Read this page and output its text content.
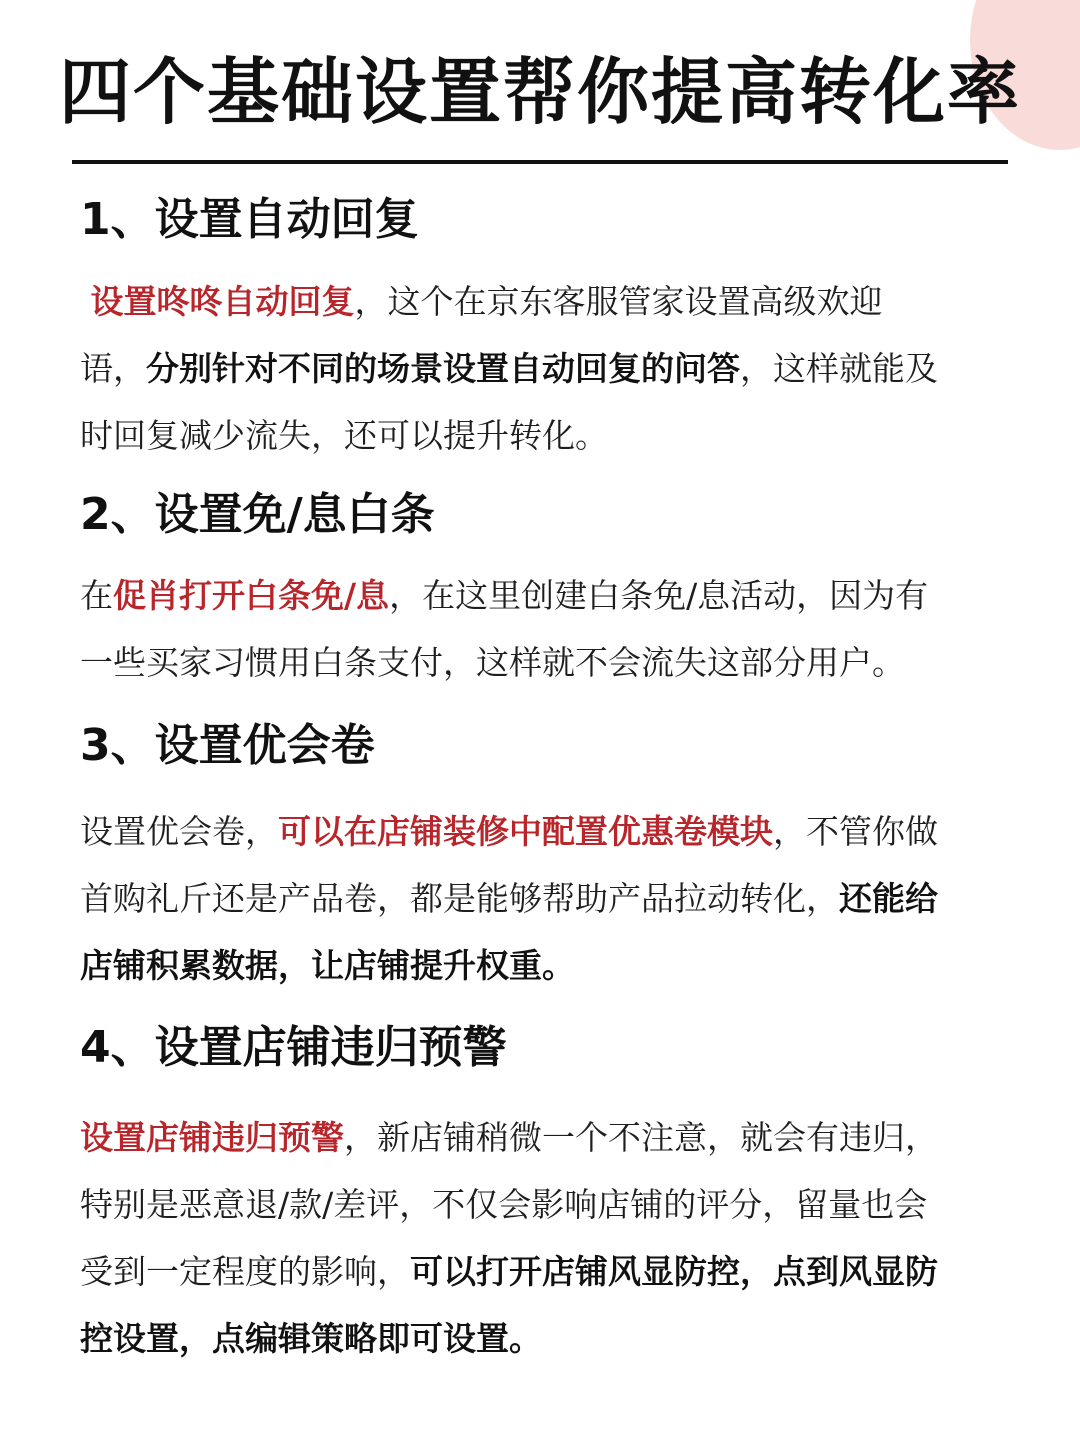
四个基础设置帮你提高转化率
1、设置自动回复
设置咚咚自动回复，这个在京东客服管家设置高级欢迎
语，分别针对不同的场景设置自动回复的问答，这样就能及
时回复减少流失，还可以提升转化。
2、设置免/息白条
在促肖打开白条免/息，在这里创建白条免/息活动，因为有
一些买家习惯用白条支付，这样就不会流失这部分用户。
3、设置优会卷
设置优会卷，可以在店铺装修中配置优惠卷模块，不管你做
首购礼斤还是产品卷，都是能够帮助产品拉动转化，还能给
店铺积累数据，让店铺提升权重。
4、设置店铺违归预警
设置店铺违归预警，新店铺稍微一个不注意，就会有违归，
特别是恶意退/款/差评，不仅会影响店铺的评分，留量也会
受到一定程度的影响，可以打开店铺风显防控，点到风显防
控设置，点编辑策略即可设置。
